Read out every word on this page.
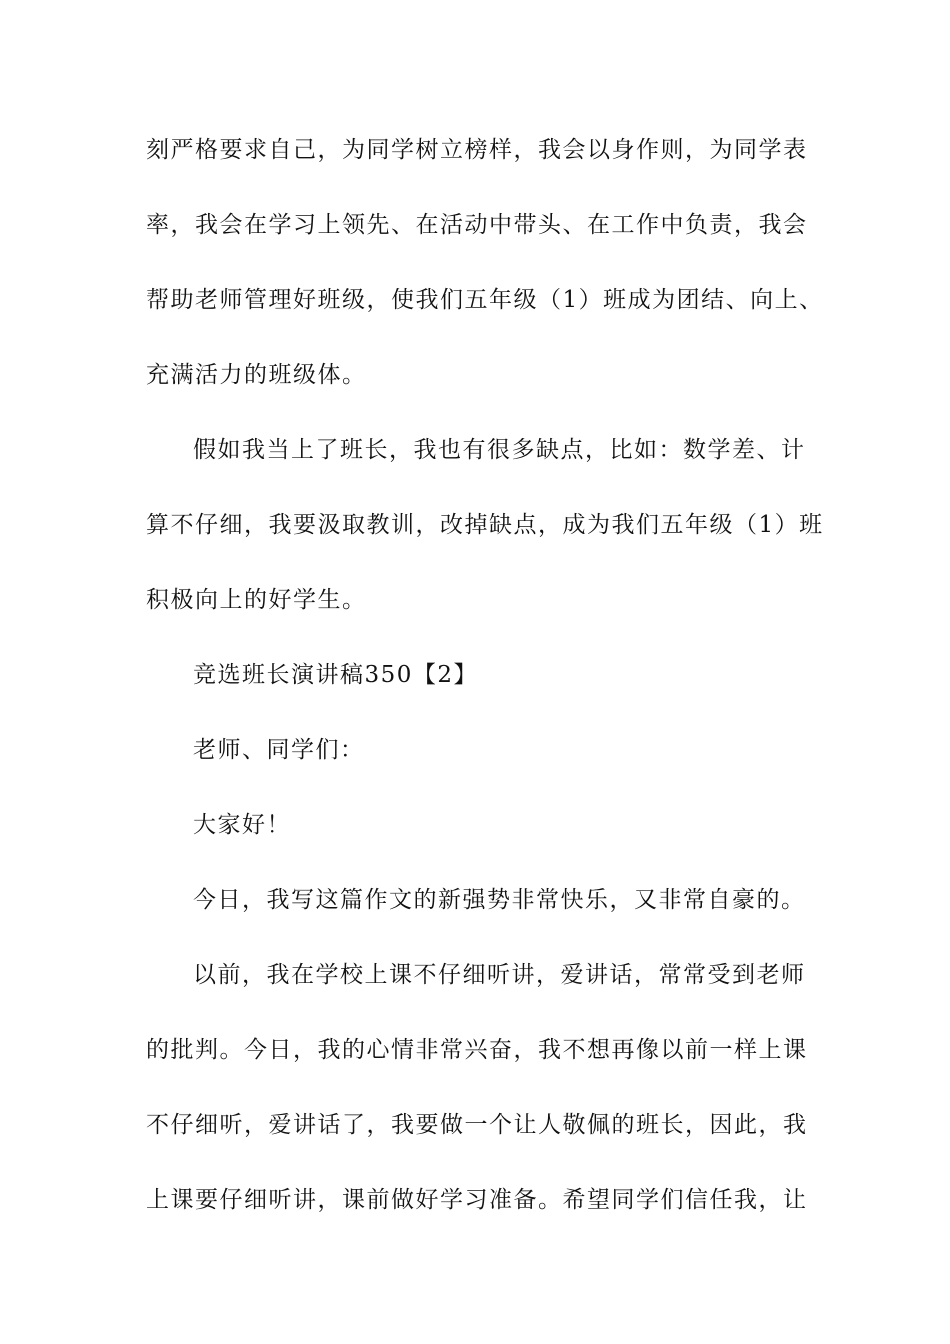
刻严格要求自己，为同学树立榜样，我会以身作则，为同学表

率，我会在学习上领先、在活动中带头、在工作中负责，我会

帮助老师管理好班级，使我们五年级（1）班成为团结、向上、

充满活力的班级体。

假如我当上了班长，我也有很多缺点，比如：数学差、计

算不仔细，我要汲取教训，改掉缺点，成为我们五年级（1）班

积极向上的好学生。

竞选班长演讲稿350【2】

老师、同学们：

大家好！

今日，我写这篇作文的新强势非常快乐，又非常自豪的。

以前，我在学校上课不仔细听讲，爱讲话，常常受到老师

的批判。今日，我的心情非常兴奋，我不想再像以前一样上课

不仔细听，爱讲话了，我要做一个让人敬佩的班长，因此，我

上课要仔细听讲，课前做好学习准备。希望同学们信任我，让
